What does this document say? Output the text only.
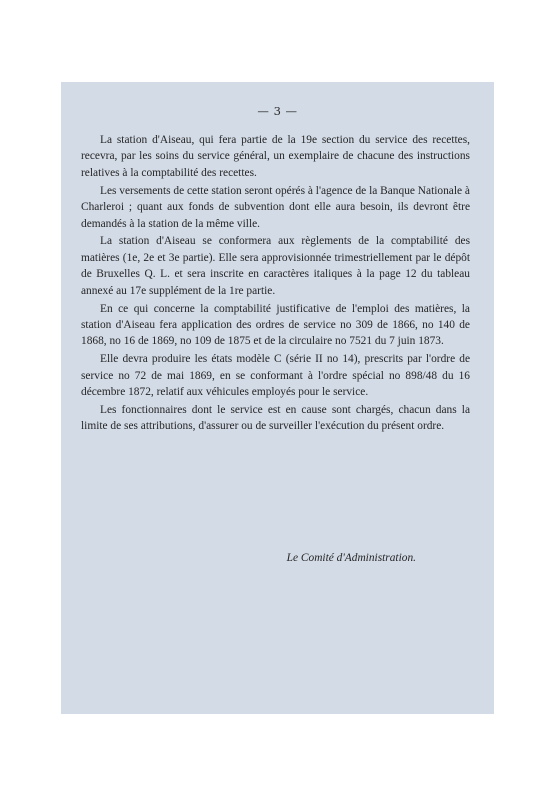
— 3 —

La station d'Aiseau, qui fera partie de la 19e section du service des recettes, recevra, par les soins du service général, un exemplaire de chacune des instructions relatives à la comptabilité des recettes.

Les versements de cette station seront opérés à l'agence de la Banque Nationale à Charleroi ; quant aux fonds de subvention dont elle aura besoin, ils devront être demandés à la station de la même ville.

La station d'Aiseau se conformera aux règlements de la comptabilité des matières (1e, 2e et 3e partie). Elle sera approvisionnée trimestriellement par le dépôt de Bruxelles Q. L. et sera inscrite en caractères italiques à la page 12 du tableau annexé au 17e supplément de la 1re partie.

En ce qui concerne la comptabilité justificative de l'emploi des matières, la station d'Aiseau fera application des ordres de service no 309 de 1866, no 140 de 1868, no 16 de 1869, no 109 de 1875 et de la circulaire no 7521 du 7 juin 1873.

Elle devra produire les états modèle C (série II no 14), prescrits par l'ordre de service no 72 de mai 1869, en se conformant à l'ordre spécial no 898/48 du 16 décembre 1872, relatif aux véhicules employés pour le service.

Les fonctionnaires dont le service est en cause sont chargés, chacun dans la limite de ses attributions, d'assurer ou de surveiller l'exécution du présent ordre.

Le Comité d'Administration.
